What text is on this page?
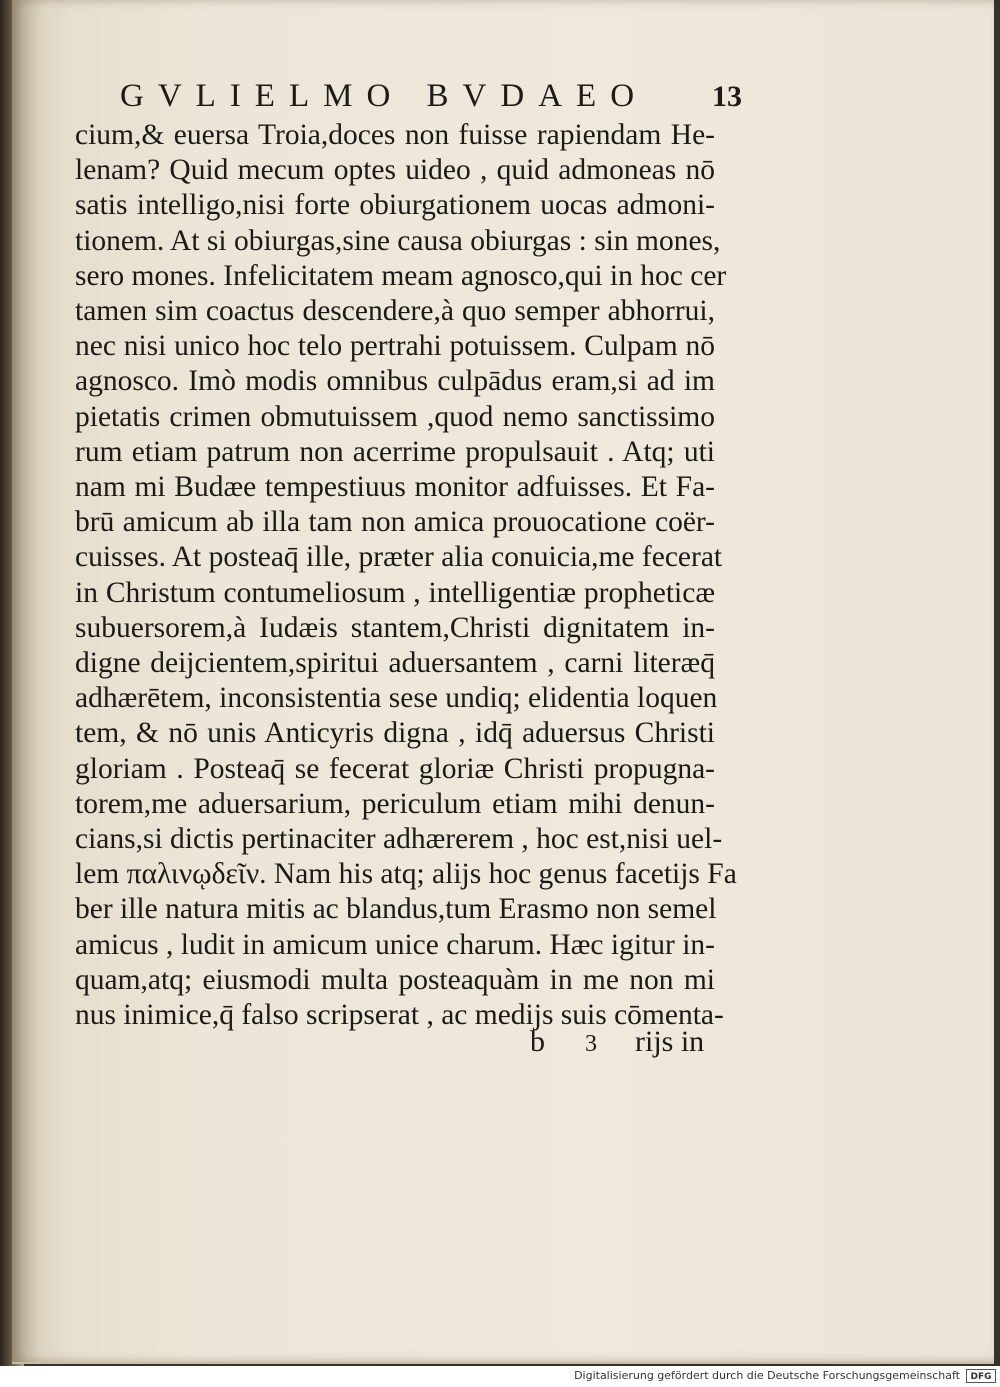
GVLIELMO BVDAEO	13
cium,& euersa Troia,doces non fuisse rapiendam He-
lenam? Quid mecum optes uideo , quid admoneas nō
satis intelligo,nisi forte obiurgationem uocas admoni-
tionem. At si obiurgas,sine causa obiurgas : sin mones,
sero mones. Infelicitatem meam agnosco,qui in hoc cer
tamen sim coactus descendere,à quo semper abhorrui,
nec nisi unico hoc telo pertrahi potuissem. Culpam nō
agnosco. Imò modis omnibus culpādus eram,si ad im
pietatis crimen obmutuissem ,quod nemo sanctissimo
rum etiam patrum non acerrime propulsauit . Atq; uti
nam mi Budæe tempestiuus monitor adfuisses. Et Fa-
brū amicum ab illa tam non amica prouocatione coër-
cuisses. At posteaq̄ ille, præter alia conuicia,me fecerat
in Christum contumeliosum , intelligentiæ propheticæ
subuersorem,à Iudæis stantem,Christi dignitatem in-
digne deijcientem,spiritui aduersantem , carni literæq̄
adhærētem, inconsistentia sese undiq; elidentia loquen
tem, & nō unis Anticyris digna , idq̄ aduersus Christi
gloriam . Posteaq̄ se fecerat gloriæ Christi propugna-
torem,me aduersarium, periculum etiam mihi denun-
cians,si dictis pertinaciter adhærerem , hoc est,nisi uel-
lem παλινῳδεῖν. Nam his atq; alijs hoc genus facetijs Fa
ber ille natura mitis ac blandus,tum Erasmo non semel
amicus , ludit in amicum unice charum. Hæc igitur in-
quam,atq; eiusmodi multa posteaquàm in me non mi
nus inimice,q̄ falso scripserat , ac medijs suis cōmenta-
b 3 rijs in
Digitalisierung gefördert durch die Deutsche Forschungsgemeinschaft	DFG
